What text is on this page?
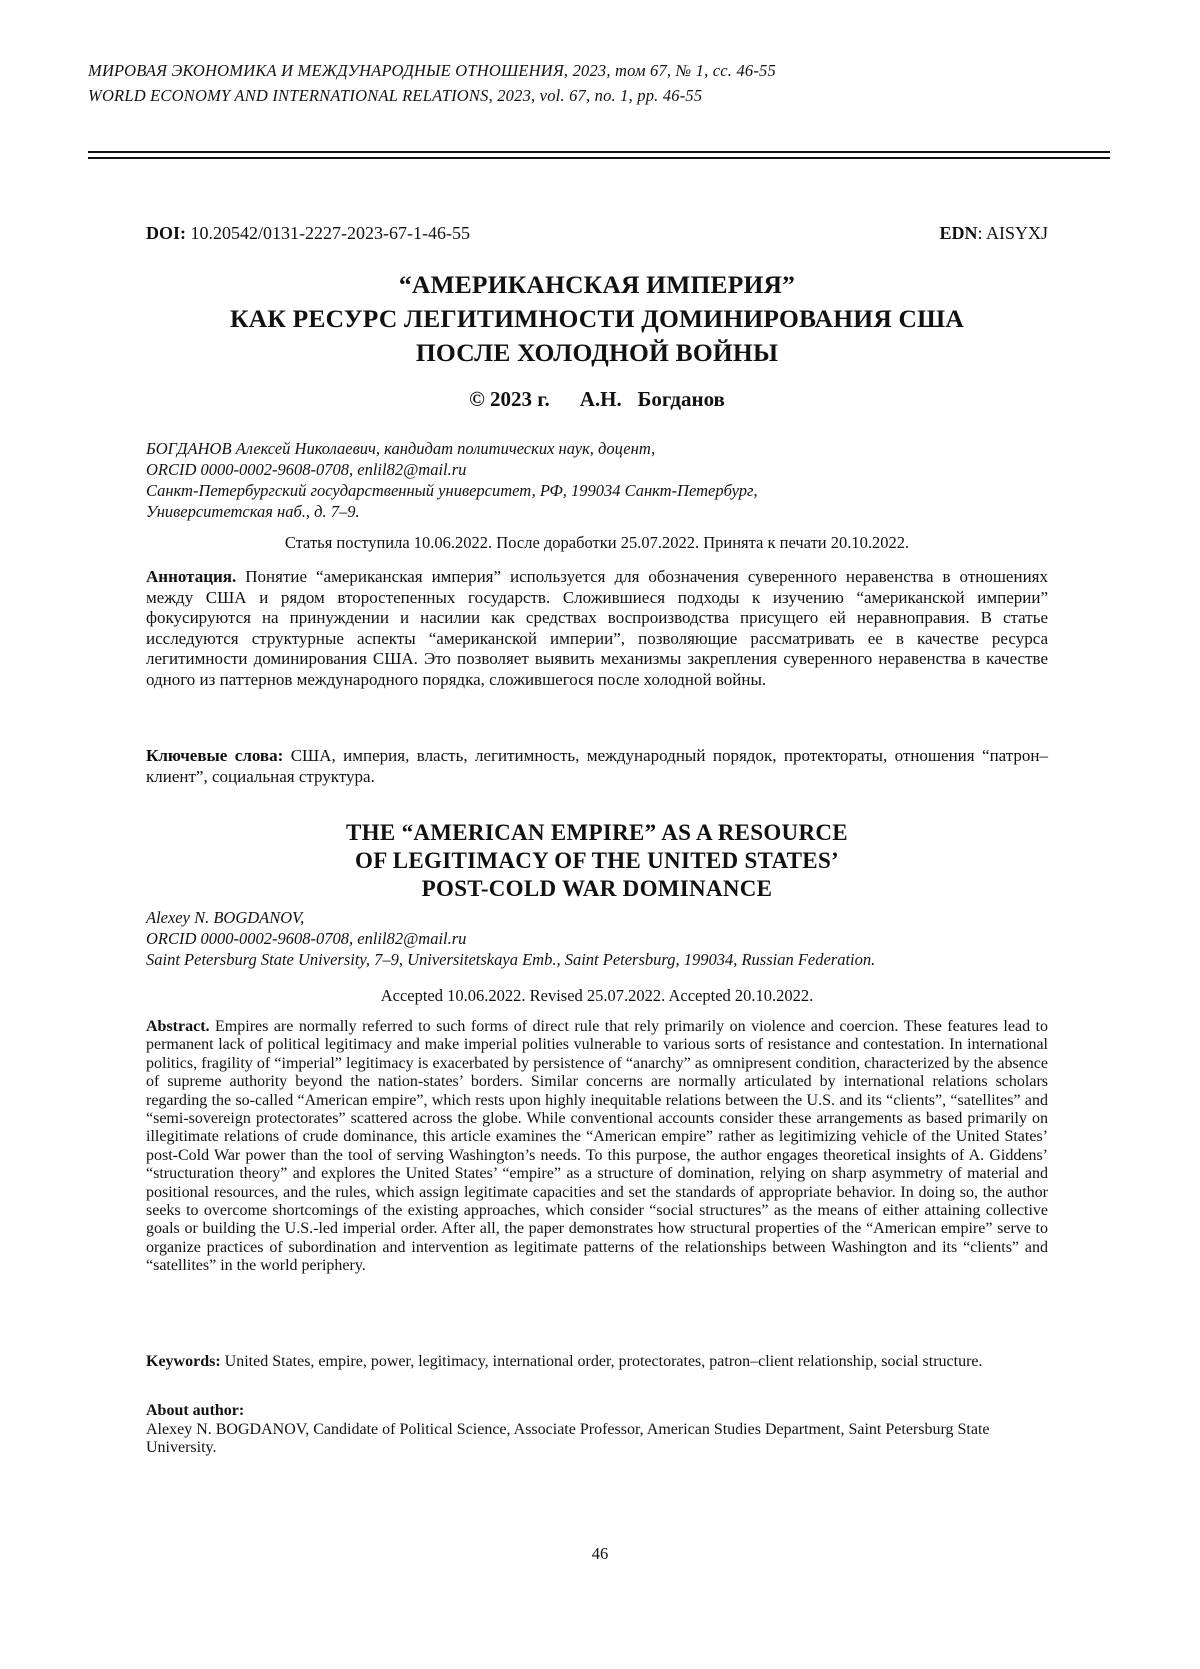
МИРОВАЯ ЭКОНОМИКА И МЕЖДУНАРОДНЫЕ ОТНОШЕНИЯ, 2023, том 67, № 1, сс. 46-55
WORLD ECONOMY AND INTERNATIONAL RELATIONS, 2023, vol. 67, no. 1, pp. 46-55
DOI: 10.20542/0131-2227-2023-67-1-46-55	EDN: AISYXJ
“АМЕРИКАНСКАЯ ИМПЕРИЯ”
КАК РЕСУРС ЛЕГИТИМНОСТИ ДОМИНИРОВАНИЯ США
ПОСЛЕ ХОЛОДНОЙ ВОЙНЫ
© 2023 г. А.Н.   Богданов
БОГДАНОВ Алексей Николаевич, кандидат политических наук, доцент,
ORCID 0000-0002-9608-0708, enlil82@mail.ru
Санкт-Петербургский государственный университет, РФ, 199034 Санкт-Петербург,
Университетская наб., д. 7–9.
Статья поступила 10.06.2022. После доработки 25.07.2022. Принята к печати 20.10.2022.
Аннотация. Понятие “американская империя” используется для обозначения суверенного неравенства в отношениях между США и рядом второстепенных государств. Сложившиеся подходы к изучению “американской империи” фокусируются на принуждении и насилии как средствах воспроизводства присущего ей неравноправия. В статье исследуются структурные аспекты “американской империи”, позволяющие рассматривать ее в качестве ресурса легитимности доминирования США. Это позволяет выявить механизмы закрепления суверенного неравенства в качестве одного из паттернов международного порядка, сложившегося после холодной войны.
Ключевые слова: США, империя, власть, легитимность, международный порядок, протектораты, отношения “патрон–клиент”, социальная структура.
THE “AMERICAN EMPIRE” AS A RESOURCE
OF LEGITIMACY OF THE UNITED STATES’
POST-COLD WAR DOMINANCE
Alexey N. BOGDANOV,
ORCID 0000-0002-9608-0708, enlil82@mail.ru
Saint Petersburg State University, 7–9, Universitetskaya Emb., Saint Petersburg, 199034, Russian Federation.
Accepted 10.06.2022. Revised 25.07.2022. Accepted 20.10.2022.
Abstract. Empires are normally referred to such forms of direct rule that rely primarily on violence and coercion. These features lead to permanent lack of political legitimacy and make imperial polities vulnerable to various sorts of resistance and contestation. In international politics, fragility of “imperial” legitimacy is exacerbated by persistence of “anarchy” as omnipresent condition, characterized by the absence of supreme authority beyond the nation-states’ borders. Similar concerns are normally articulated by international relations scholars regarding the so-called “American empire”, which rests upon highly inequitable relations between the U.S. and its “clients”, “satellites” and “semi-sovereign protectorates” scattered across the globe. While conventional accounts consider these arrangements as based primarily on illegitimate relations of crude dominance, this article examines the “American empire” rather as legitimizing vehicle of the United States’ post-Cold War power than the tool of serving Washington’s needs. To this purpose, the author engages theoretical insights of A. Giddens’ “structuration theory” and explores the United States’ “empire” as a structure of domination, relying on sharp asymmetry of material and positional resources, and the rules, which assign legitimate capacities and set the standards of appropriate behavior. In doing so, the author seeks to overcome shortcomings of the existing approaches, which consider “social structures” as the means of either attaining collective goals or building the U.S.-led imperial order. After all, the paper demonstrates how structural properties of the “American empire” serve to organize practices of subordination and intervention as legitimate patterns of the relationships between Washington and its “clients” and “satellites” in the world periphery.
Keywords: United States, empire, power, legitimacy, international order, protectorates, patron–client relationship, social structure.
About author:
Alexey N. BOGDANOV, Candidate of Political Science, Associate Professor, American Studies Department, Saint Petersburg State University.
46
